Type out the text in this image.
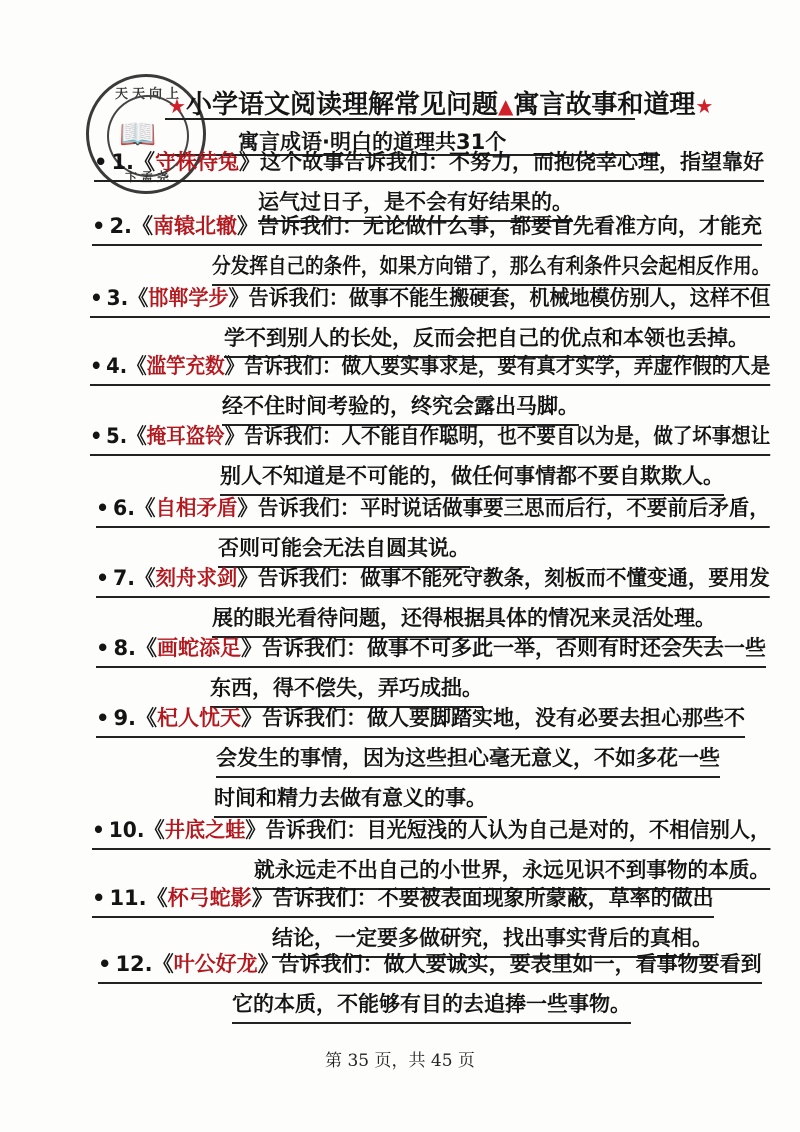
天天向上
📖
卞孟尧
★小学语文阅读理解常见问题▲寓言故事和道理★
寓言成语·明白的道理共31个
• 1.《守株待兔》这个故事告诉我们：不努力，而抱侥幸心理，指望靠好
运气过日子，是不会有好结果的。
• 2.《南辕北辙》告诉我们：无论做什么事，都要首先看准方向，才能充
分发挥自己的条件，如果方向错了，那么有利条件只会起相反作用。
• 3.《邯郸学步》告诉我们：做事不能生搬硬套，机械地模仿别人，这样不但
学不到别人的长处，反而会把自己的优点和本领也丢掉。
• 4.《滥竽充数》告诉我们：做人要实事求是，要有真才实学，弄虚作假的人是
经不住时间考验的，终究会露出马脚。
• 5.《掩耳盗铃》告诉我们：人不能自作聪明，也不要自以为是，做了坏事想让
别人不知道是不可能的，做任何事情都不要自欺欺人。
• 6.《自相矛盾》告诉我们：平时说话做事要三思而后行，不要前后矛盾，
否则可能会无法自圆其说。
• 7.《刻舟求剑》告诉我们：做事不能死守教条，刻板而不懂变通，要用发
展的眼光看待问题，还得根据具体的情况来灵活处理。
• 8.《画蛇添足》告诉我们：做事不可多此一举，否则有时还会失去一些
东西，得不偿失，弄巧成拙。
• 9.《杞人忧天》告诉我们：做人要脚踏实地，没有必要去担心那些不
会发生的事情，因为这些担心毫无意义，不如多花一些
时间和精力去做有意义的事。
• 10.《井底之蛙》告诉我们：目光短浅的人认为自己是对的，不相信别人，
就永远走不出自己的小世界，永远见识不到事物的本质。
• 11.《杯弓蛇影》告诉我们：不要被表面现象所蒙蔽，草率的做出
结论，一定要多做研究，找出事实背后的真相。
• 12.《叶公好龙》告诉我们：做人要诚实，要表里如一，看事物要看到
它的本质，不能够有目的去追捧一些事物。
第 35 页，共 45 页
